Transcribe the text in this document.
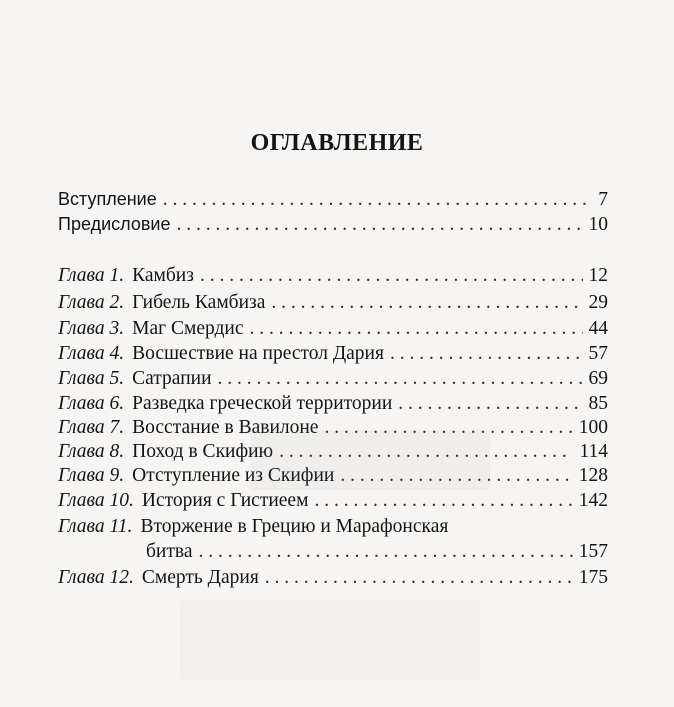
ОГЛАВЛЕНИЕ
Вступление . . .	7
Предисловие . . .	10
Глава 1. Камбиз . . .	12
Глава 2. Гибель Камбиза . . .	29
Глава 3. Маг Смердис . . .	44
Глава 4. Восшествие на престол Дария . . .	57
Глава 5. Сатрапии . . .	69
Глава 6. Разведка греческой территории . . .	85
Глава 7. Восстание в Вавилоне . . .	100
Глава 8. Поход в Скифию . . .	114
Глава 9. Отступление из Скифии . . .	128
Глава 10. История с Гистиеем . . .	142
Глава 11. Вторжение в Грецию и Марафонская
битва . . .	157
Глава 12. Смерть Дария . . .	175
